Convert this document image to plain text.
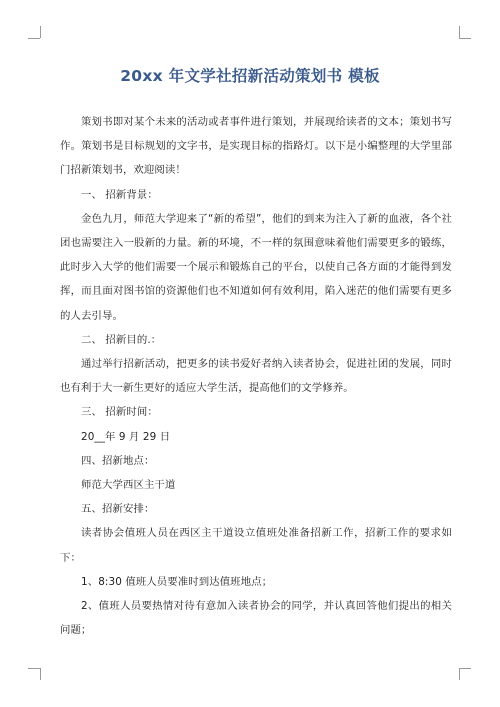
20xx 年文学社招新活动策划书 模板

策划书即对某个未来的活动或者事件进行策划，并展现给读者的文本；策划书写作。策划书是目标规划的文字书，是实现目标的指路灯。以下是小编整理的大学里部门招新策划书，欢迎阅读！

一、 招新背景：

金色九月，师范大学迎来了“新的希望”，他们的到来为注入了新的血液，各个社团也需要注入一股新的力量。新的环境，不一样的氛围意味着他们需要更多的锻练，此时步入大学的他们需要一个展示和锻炼自己的平台，以使自己各方面的才能得到发挥，而且面对图书馆的资源他们也不知道如何有效利用，陷入迷茫的他们需要有更多的人去引导。

二、 招新目的.：

通过举行招新活动，把更多的读书爱好者纳入读者协会，促进社团的发展，同时也有利于大一新生更好的适应大学生活，提高他们的文学修养。

三、 招新时间：

20__年 9 月 29 日

四、招新地点：

师范大学西区主干道

五、招新安排：

读者协会值班人员在西区主干道设立值班处准备招新工作，招新工作的要求如下：

1、8:30 值班人员要准时到达值班地点；

2、值班人员要热情对待有意加入读者协会的同学，并认真回答他们提出的相关问题；
